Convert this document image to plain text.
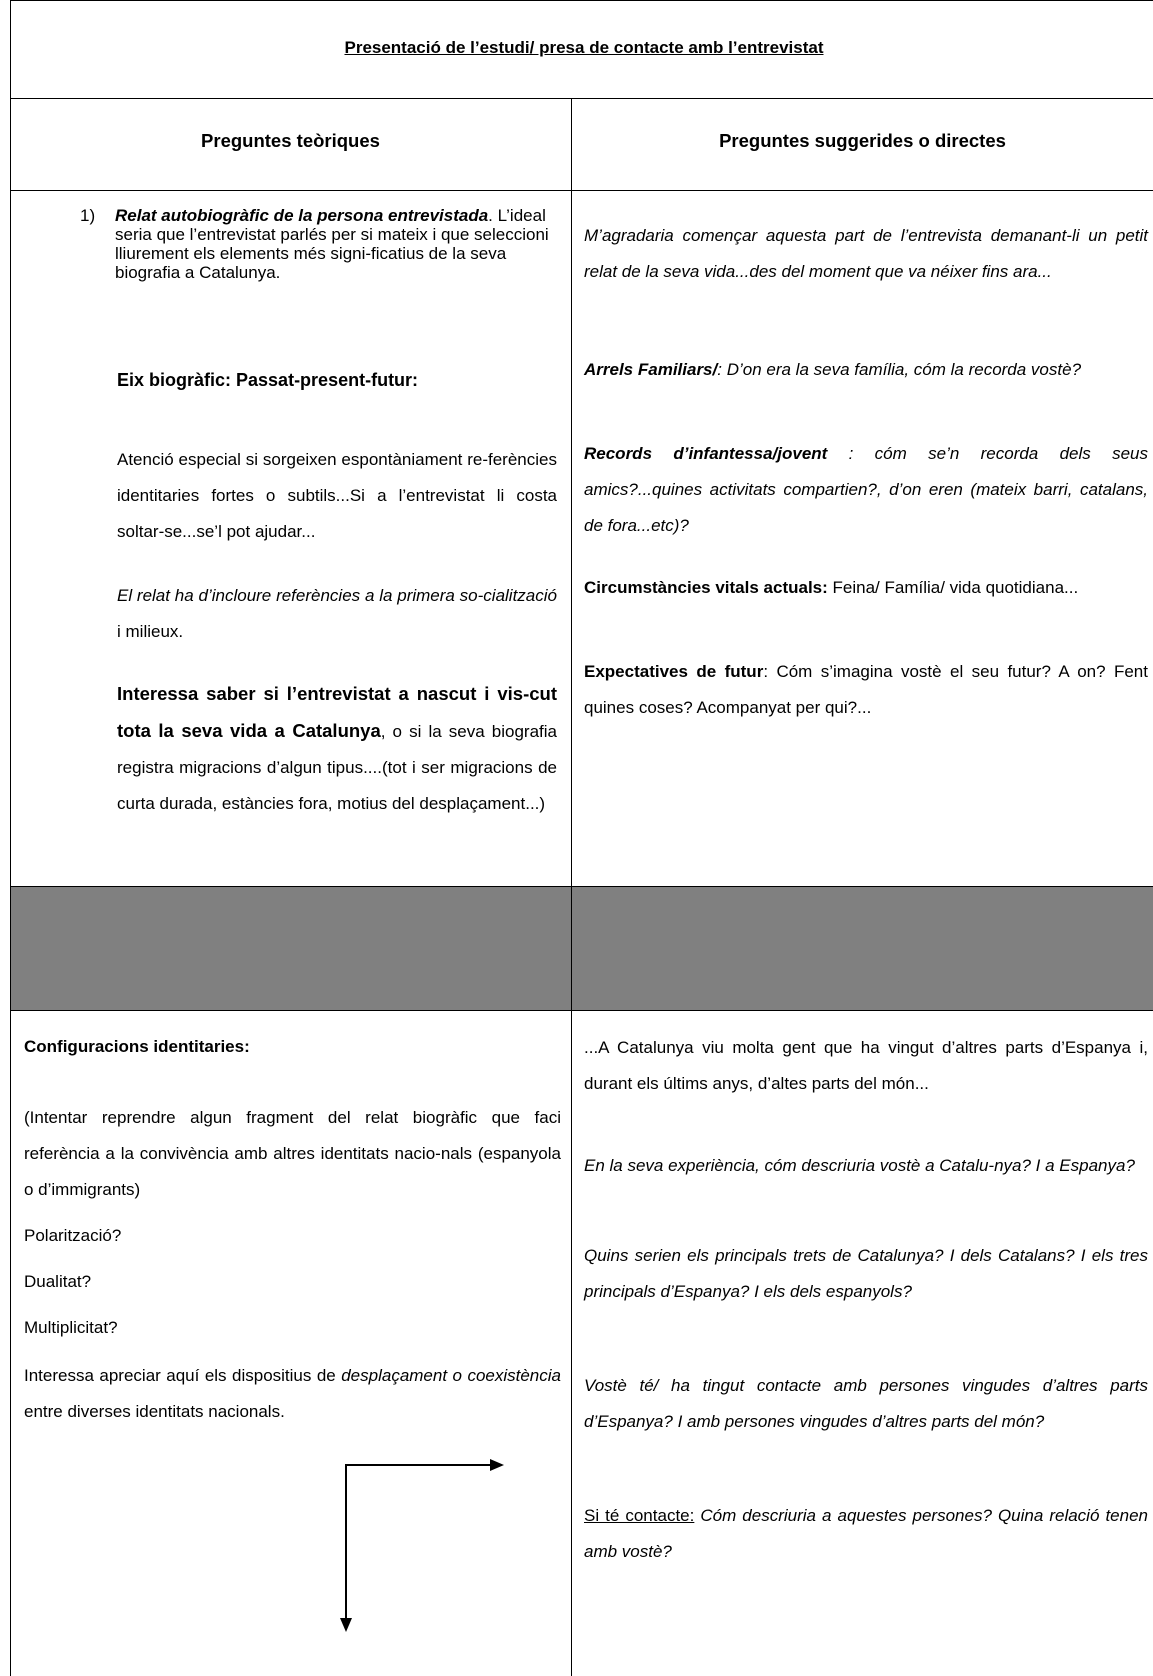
Presentació de l’estudi/ presa de contacte amb l’entrevistat
Preguntes teòriques	Preguntes suggerides o directes
1) Relat autobiogràfic de la persona entrevistada. L’ideal seria que l’entrevistat parlés per si mateix i que seleccioni lliurement els elements més signi-ficatius de la seva biografia a Catalunya.
Eix biogràfic: Passat-present-futur:

Atenció especial si sorgeixen espontàniament re-ferències identitaries fortes o subtils...Si a l’entrevistat li costa soltar-se...se’l pot ajudar...

El relat ha d’incloure referències a la primera so-cialització i milieux.

Interessa saber si l’entrevistat a nascut i vis-cut tota la seva vida a Catalunya, o si la seva biografia registra migracions d’algun tipus....(tot i ser migracions de curta durada, estàncies fora, motius del desplaçament...)

M’agradaria començar aquesta part de l’entrevista demanant-li un petit relat de la seva vida...des del moment que va néixer fins ara...

Arrels Familiars/: D’on era la seva família, cóm la recorda vostè?

Records d’infantessa/jovent : cóm se’n recorda dels seus amics?...quines activitats compartien?, d’on eren (mateix barri, catalans, de fora...etc)?

Circumstàncies vitals actuals: Feina/ Família/ vida quotidiana...

Expectatives de futur: Cóm s’imagina vostè el seu futur? A on? Fent quines coses? Acompanyat per qui?...

Configuracions identitaries:

(Intentar reprendre algun fragment del relat biogràfic que faci referència a la convivència amb altres identitats nacio-nals (espanyola o d’immigrants)

Polarització?
Dualitat?
Multiplicitat?

Interessa apreciar aquí els dispositius de desplaçament o coexistència entre diverses identitats nacionals.

...A Catalunya viu molta gent que ha vingut d’altres parts d’Espanya i, durant els últims anys, d’altes parts del món...

En la seva experiència, cóm descriuria vostè a Catalu-nya? I a Espanya?

Quins serien els principals trets de Catalunya? I dels Catalans? I els tres principals d’Espanya? I els dels espanyols?

Vostè té/ ha tingut contacte amb persones vingudes d’altres parts d’Espanya? I amb persones vingudes d’altres parts del món?

Si té contacte: Cóm descriuria a aquestes persones? Quina relació tenen amb vostè?
